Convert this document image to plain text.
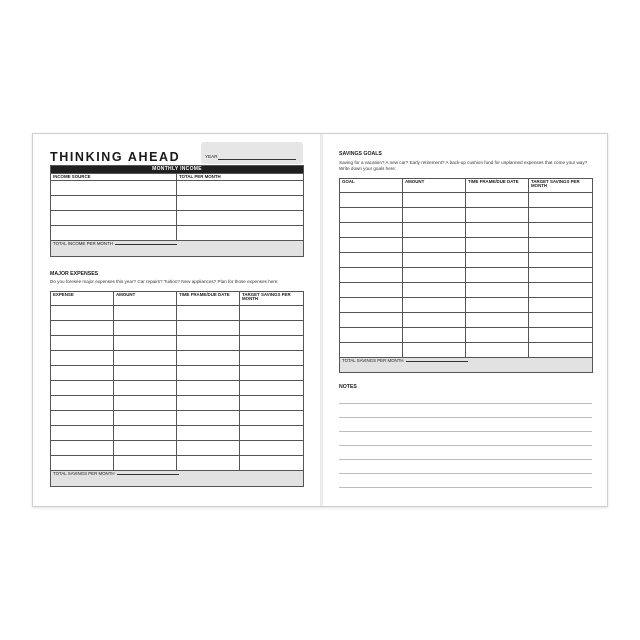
THINKING AHEAD	YEAR
MONTHLY INCOME	
INCOME SOURCE	TOTAL PER MONTH

TOTAL INCOME PER MONTH	
MAJOR EXPENSES
Do you foresee major expenses this year? Car repairs? Tuition? New appliances? Plan for those expenses here:
EXPENSE	AMOUNT	TIME FRAME/DUE DATE	TARGET SAVINGS PER MONTH

TOTAL SAVINGS PER MONTH			
SAVINGS GOALS
Saving for a vacation? A new car? Early retirement? A back-up cushion fund for unplanned expenses that come your way? Write down your goals here:
GOAL	AMOUNT	TIME FRAME/DUE DATE	TARGET SAVINGS PER MONTH

TOTAL SAVINGS PER MONTH			
NOTES
